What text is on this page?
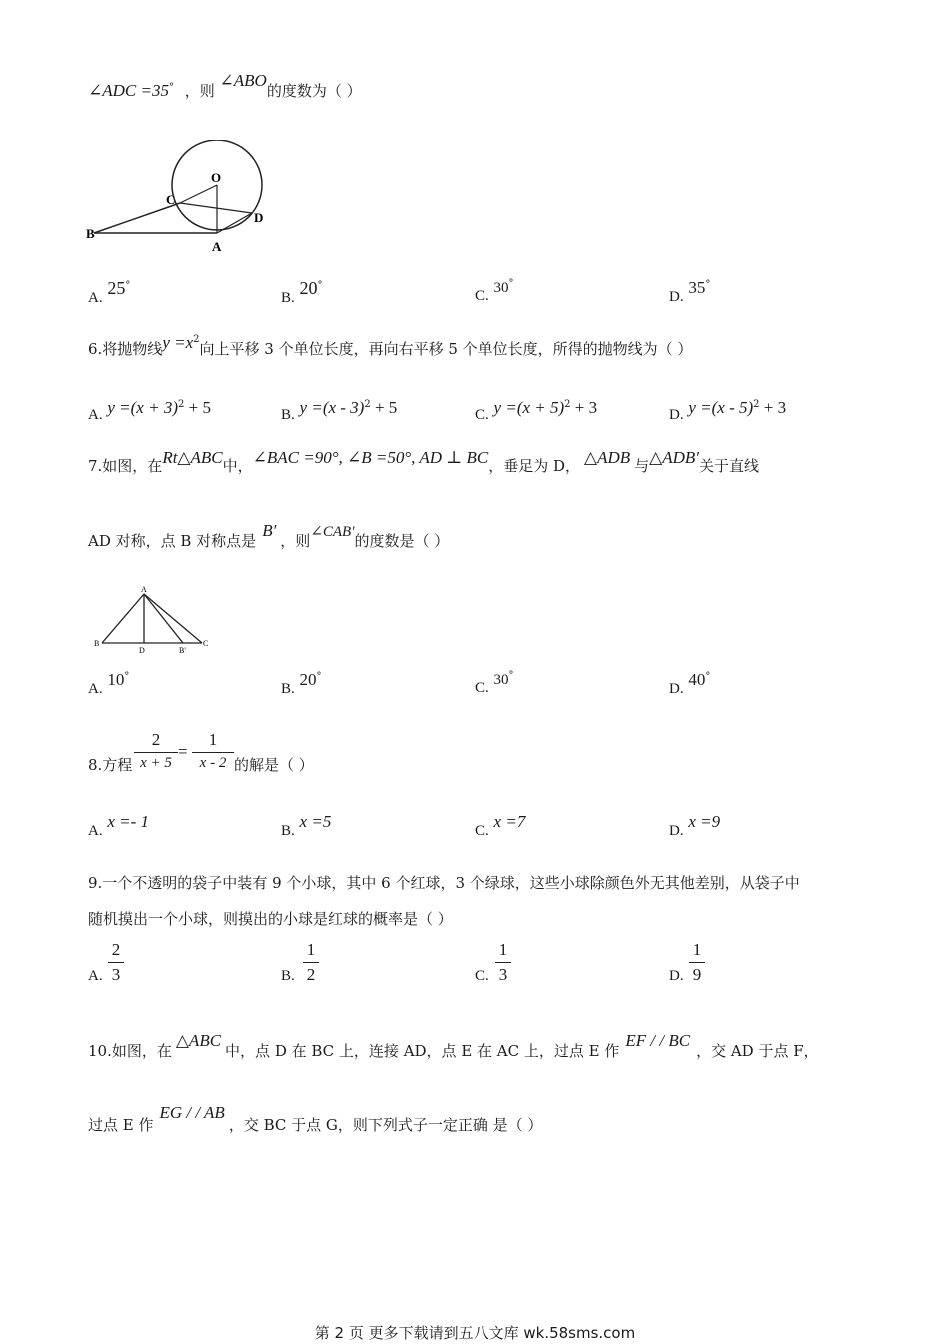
∠ADC =35° ，则 ∠ABO的度数为（ ）
O
C
D
B
A
A. 25°
B. 20°
C. 30°
D. 35°
6.将抛物线$y =x^2$向上平移 3 个单位长度，再向右平移 5 个单位长度，所得的抛物线为（ ）
A. $y =(x + 3)^2 + 5$	B. y =(x - 3)$^2$ + 5	C. $y =(x + 5)^2 + 3$	D. y =(x - 5)$^2$ + 3
7.如图，在Rt△ABC中，∠BAC =90°, ∠B =50°, AD ⊥ BC，垂足为 D， △ADB 与△ADB′关于直线
AD 对称，点 B 对称点是B′，则∠CAB′的度数是（ ）
A
B
D	B'
C
A. 10°
B. 20°
C. 30°
D. 40°
8.方程
2
x + 5
=
1
x - 2 的解是（ ）
A. x =- 1	B. x =5	C. x =7	D. x =9
9.一个不透明的袋子中装有 9 个小球，其中 6 个红球，3 个绿球，这些小球除颜色外无其他差别，从袋子中
随机摸出一个小球，则摸出的小球是红球的概率是（ ）
A.
2
3	B.
1
2	C.
1
3	D.
1
9
10.如图，在△ABC中，点 D 在 BC 上，连接 AD，点 E 在 AC 上，过点 E 作EF / / BC，交 AD 于点 F，
过点 E 作EG / / AB，交 BC 于点 G，则下列式子一定正确 是（ ）
第 2 页 更多下载请到五八文库 wk.58sms.com
